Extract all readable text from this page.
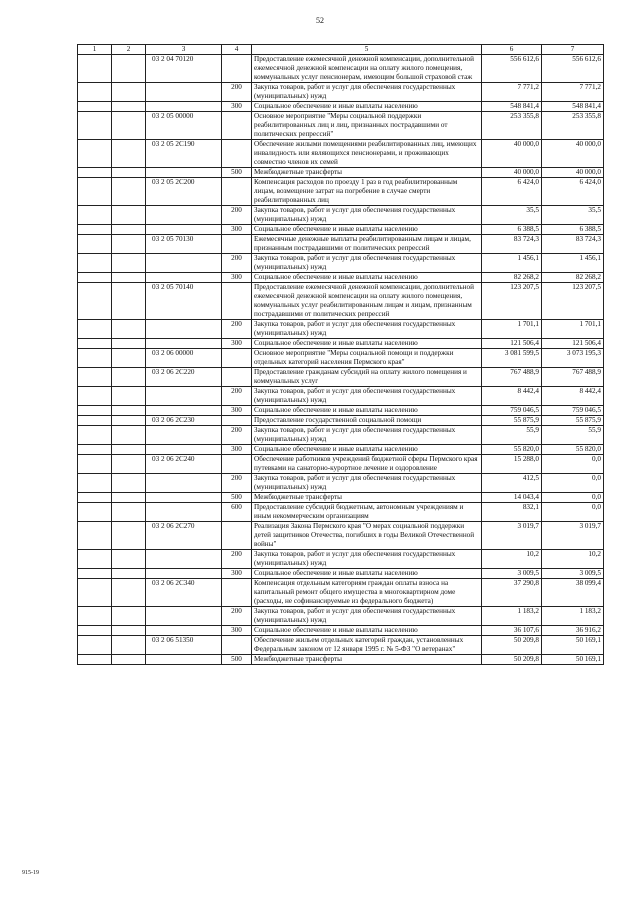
52
1	2	3	4	5	6	7
		03 2 04 70120		Предоставление ежемесячной денежной компенсации, дополнительной ежемесячной денежной компенсации на оплату жилого помещения, коммунальных услуг пенсионерам, имеющим большой страховой стаж	556 612,6	556 612,6
			200	Закупка товаров, работ и услуг для обеспечения государственных (муниципальных) нужд	7 771,2	7 771,2
			300	Социальное обеспечение и иные выплаты населению	548 841,4	548 841,4
		03 2 05 00000		Основное мероприятие "Меры социальной поддержки реабилитированных лиц и лиц, признанных пострадавшими от политических репрессий"	253 355,8	253 355,8
		03 2 05 2С190		Обеспечение жилыми помещениями реабилитированных лиц, имеющих инвалидность или являющихся пенсионерами, и проживающих совместно членов их семей	40 000,0	40 000,0
			500	Межбюджетные трансферты	40 000,0	40 000,0
		03 2 05 2С200		Компенсация расходов по проезду 1 раз в год реабилитированным лицам, возмещение затрат на погребение в случае смерти реабилитированных лиц	6 424,0	6 424,0
			200	Закупка товаров, работ и услуг для обеспечения государственных (муниципальных) нужд	35,5	35,5
			300	Социальное обеспечение и иные выплаты населению	6 388,5	6 388,5
		03 2 05 70130		Ежемесячные денежные выплаты реабилитированным лицам и лицам, признанным пострадавшими от политических репрессий	83 724,3	83 724,3
			200	Закупка товаров, работ и услуг для обеспечения государственных (муниципальных) нужд	1 456,1	1 456,1
			300	Социальное обеспечение и иные выплаты населению	82 268,2	82 268,2
		03 2 05 70140		Предоставление ежемесячной денежной компенсации, дополнительной ежемесячной денежной компенсации на оплату жилого помещения, коммунальных услуг реабилитированным лицам и лицам, признанным пострадавшими от политических репрессий	123 207,5	123 207,5
			200	Закупка товаров, работ и услуг для обеспечения государственных (муниципальных) нужд	1 701,1	1 701,1
			300	Социальное обеспечение и иные выплаты населению	121 506,4	121 506,4
		03 2 06 00000		Основное мероприятие "Меры социальной помощи и поддержки отдельных категорий населения Пермского края"	3 081 599,5	3 073 195,3
		03 2 06 2С220		Предоставление гражданам субсидий на оплату жилого помещения и коммунальных услуг	767 488,9	767 488,9
			200	Закупка товаров, работ и услуг для обеспечения государственных (муниципальных) нужд	8 442,4	8 442,4
			300	Социальное обеспечение и иные выплаты населению	759 046,5	759 046,5
		03 2 06 2С230		Предоставление государственной социальной помощи	55 875,9	55 875,9
			200	Закупка товаров, работ и услуг для обеспечения государственных (муниципальных) нужд	55,9	55,9
			300	Социальное обеспечение и иные выплаты населению	55 820,0	55 820,0
		03 2 06 2С240		Обеспечение работников учреждений бюджетной сферы Пермского края путевками на санаторно-курортное лечение и оздоровление	15 288,0	0,0
			200	Закупка товаров, работ и услуг для обеспечения государственных (муниципальных) нужд	412,5	0,0
			500	Межбюджетные трансферты	14 043,4	0,0
			600	Предоставление субсидий бюджетным, автономным учреждениям и иным некоммерческим организациям	832,1	0,0
		03 2 06 2С270		Реализация Закона Пермского края "О мерах социальной поддержки детей защитников Отечества, погибших в годы Великой Отечественной войны"	3 019,7	3 019,7
			200	Закупка товаров, работ и услуг для обеспечения государственных (муниципальных) нужд	10,2	10,2
			300	Социальное обеспечение и иные выплаты населению	3 009,5	3 009,5
		03 2 06 2С340		Компенсация отдельным категориям граждан оплаты взноса на капитальный ремонт общего имущества в многоквартирном доме (расходы, не софинансируемые из федерального бюджета)	37 290,8	38 099,4
			200	Закупка товаров, работ и услуг для обеспечения государственных (муниципальных) нужд	1 183,2	1 183,2
			300	Социальное обеспечение и иные выплаты населению	36 107,6	36 916,2
		03 2 06 51350		Обеспечение жильем отдельных категорий граждан, установленных Федеральным законом от 12 января 1995 г. № 5-ФЗ "О ветеранах"	50 209,8	50 169,1
			500	Межбюджетные трансферты	50 209,8	50 169,1
915-19
